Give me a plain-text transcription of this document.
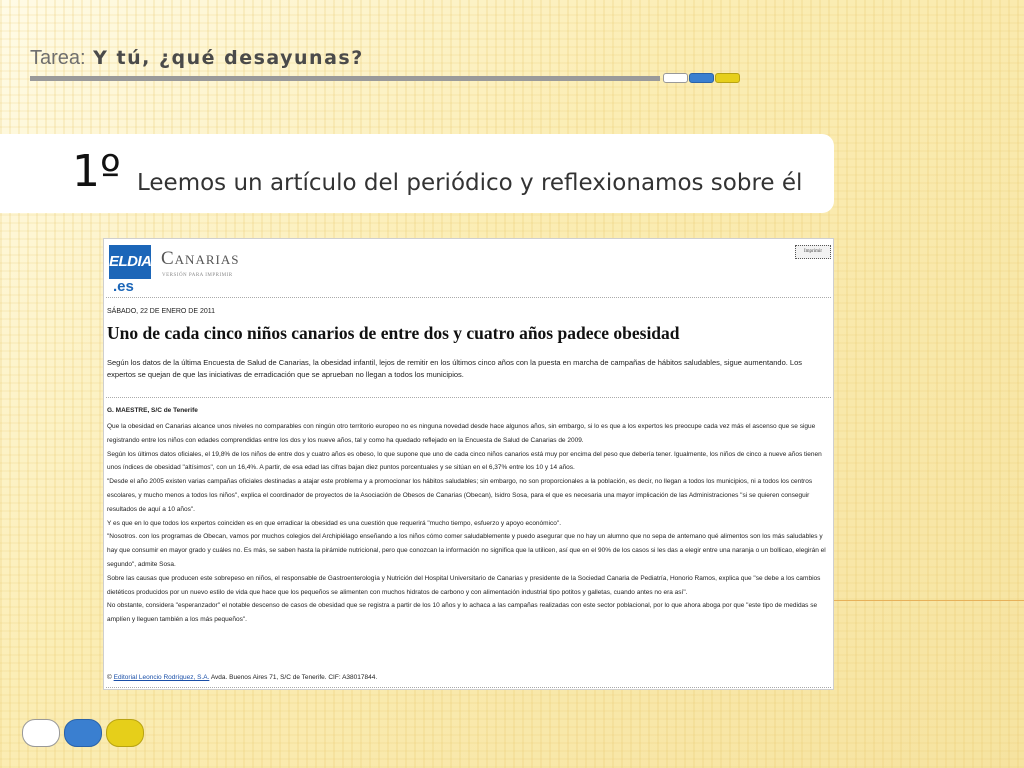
Tarea: Y tú, ¿qué desayunas?
1º Leemos un artículo del periódico y reflexionamos sobre él
ELDIA
.es
Canarias
VERSIÓN PARA IMPRIMIR
Imprimir
SÁBADO, 22 DE ENERO DE 2011
Uno de cada cinco niños canarios de entre dos y cuatro años padece obesidad
Según los datos de la última Encuesta de Salud de Canarias, la obesidad infantil, lejos de remitir en los últimos cinco años con la puesta en marcha de campañas de hábitos saludables, sigue aumentando. Los expertos se quejan de que las iniciativas de erradicación que se aprueban no llegan a todos los municipios.
G. MAESTRE, S/C de Tenerife

Que la obesidad en Canarias alcance unos niveles no comparables con ningún otro territorio europeo no es ninguna novedad desde hace algunos años, sin embargo, si lo es que a los expertos les preocupe cada vez más el ascenso que se sigue registrando entre los niños con edades comprendidas entre los dos y los nueve años, tal y como ha quedado reflejado en la Encuesta de Salud de Canarias de 2009.

Según los últimos datos oficiales, el 19,8% de los niños de entre dos y cuatro años es obeso, lo que supone que uno de cada cinco niños canarios está muy por encima del peso que debería tener. Igualmente, los niños de cinco a nueve años tienen unos índices de obesidad "altísimos", con un 16,4%. A partir, de esa edad las cifras bajan diez puntos porcentuales y se sitúan en el 6,37% entre los 10 y 14 años.

"Desde el año 2005 existen varias campañas oficiales destinadas a atajar este problema y a promocionar los hábitos saludables; sin embargo, no son proporcionales a la población, es decir, no llegan a todos los municipios, ni a todos los centros escolares, y mucho menos a todos los niños", explica el coordinador de proyectos de la Asociación de Obesos de Canarias (Obecan), Isidro Sosa, para el que es necesaria una mayor implicación de las Administraciones "si se quieren conseguir resultados de aquí a 10 años".

Y es que en lo que todos los expertos coinciden es en que erradicar la obesidad es una cuestión que requerirá "mucho tiempo, esfuerzo y apoyo económico".

"Nosotros. con los programas de Obecan, vamos por muchos colegios del Archipiélago enseñando a los niños cómo comer saludablemente y puedo asegurar que no hay un alumno que no sepa de antemano qué alimentos son los más saludables y hay que consumir en mayor grado y cuáles no. Es más, se saben hasta la pirámide nutricional, pero que conozcan la información no significa que la utilicen, así que en el 90% de los casos si les das a elegir entre una naranja o un bollicao, elegirán el segundo", admite Sosa.

Sobre las causas que producen este sobrepeso en niños, el responsable de Gastroenterología y Nutrición del Hospital Universitario de Canarias y presidente de la Sociedad Canaria de Pediatría, Honorio Ramos, explica que "se debe a los cambios dietéticos producidos por un nuevo estilo de vida que hace que los pequeños se alimenten con muchos hidratos de carbono y con alimentación industrial tipo potitos y galletas, cuando antes no era así".

No obstante, considera "esperanzador" el notable descenso de casos de obesidad que se registra a partir de los 10 años y lo achaca a las campañas realizadas con este sector poblacional, por lo que ahora aboga por que "este tipo de medidas se amplíen y lleguen también a los más pequeños".

© Editorial Leoncio Rodríguez, S.A. Avda. Buenos Aires 71, S/C de Tenerife. CIF: A38017844.
